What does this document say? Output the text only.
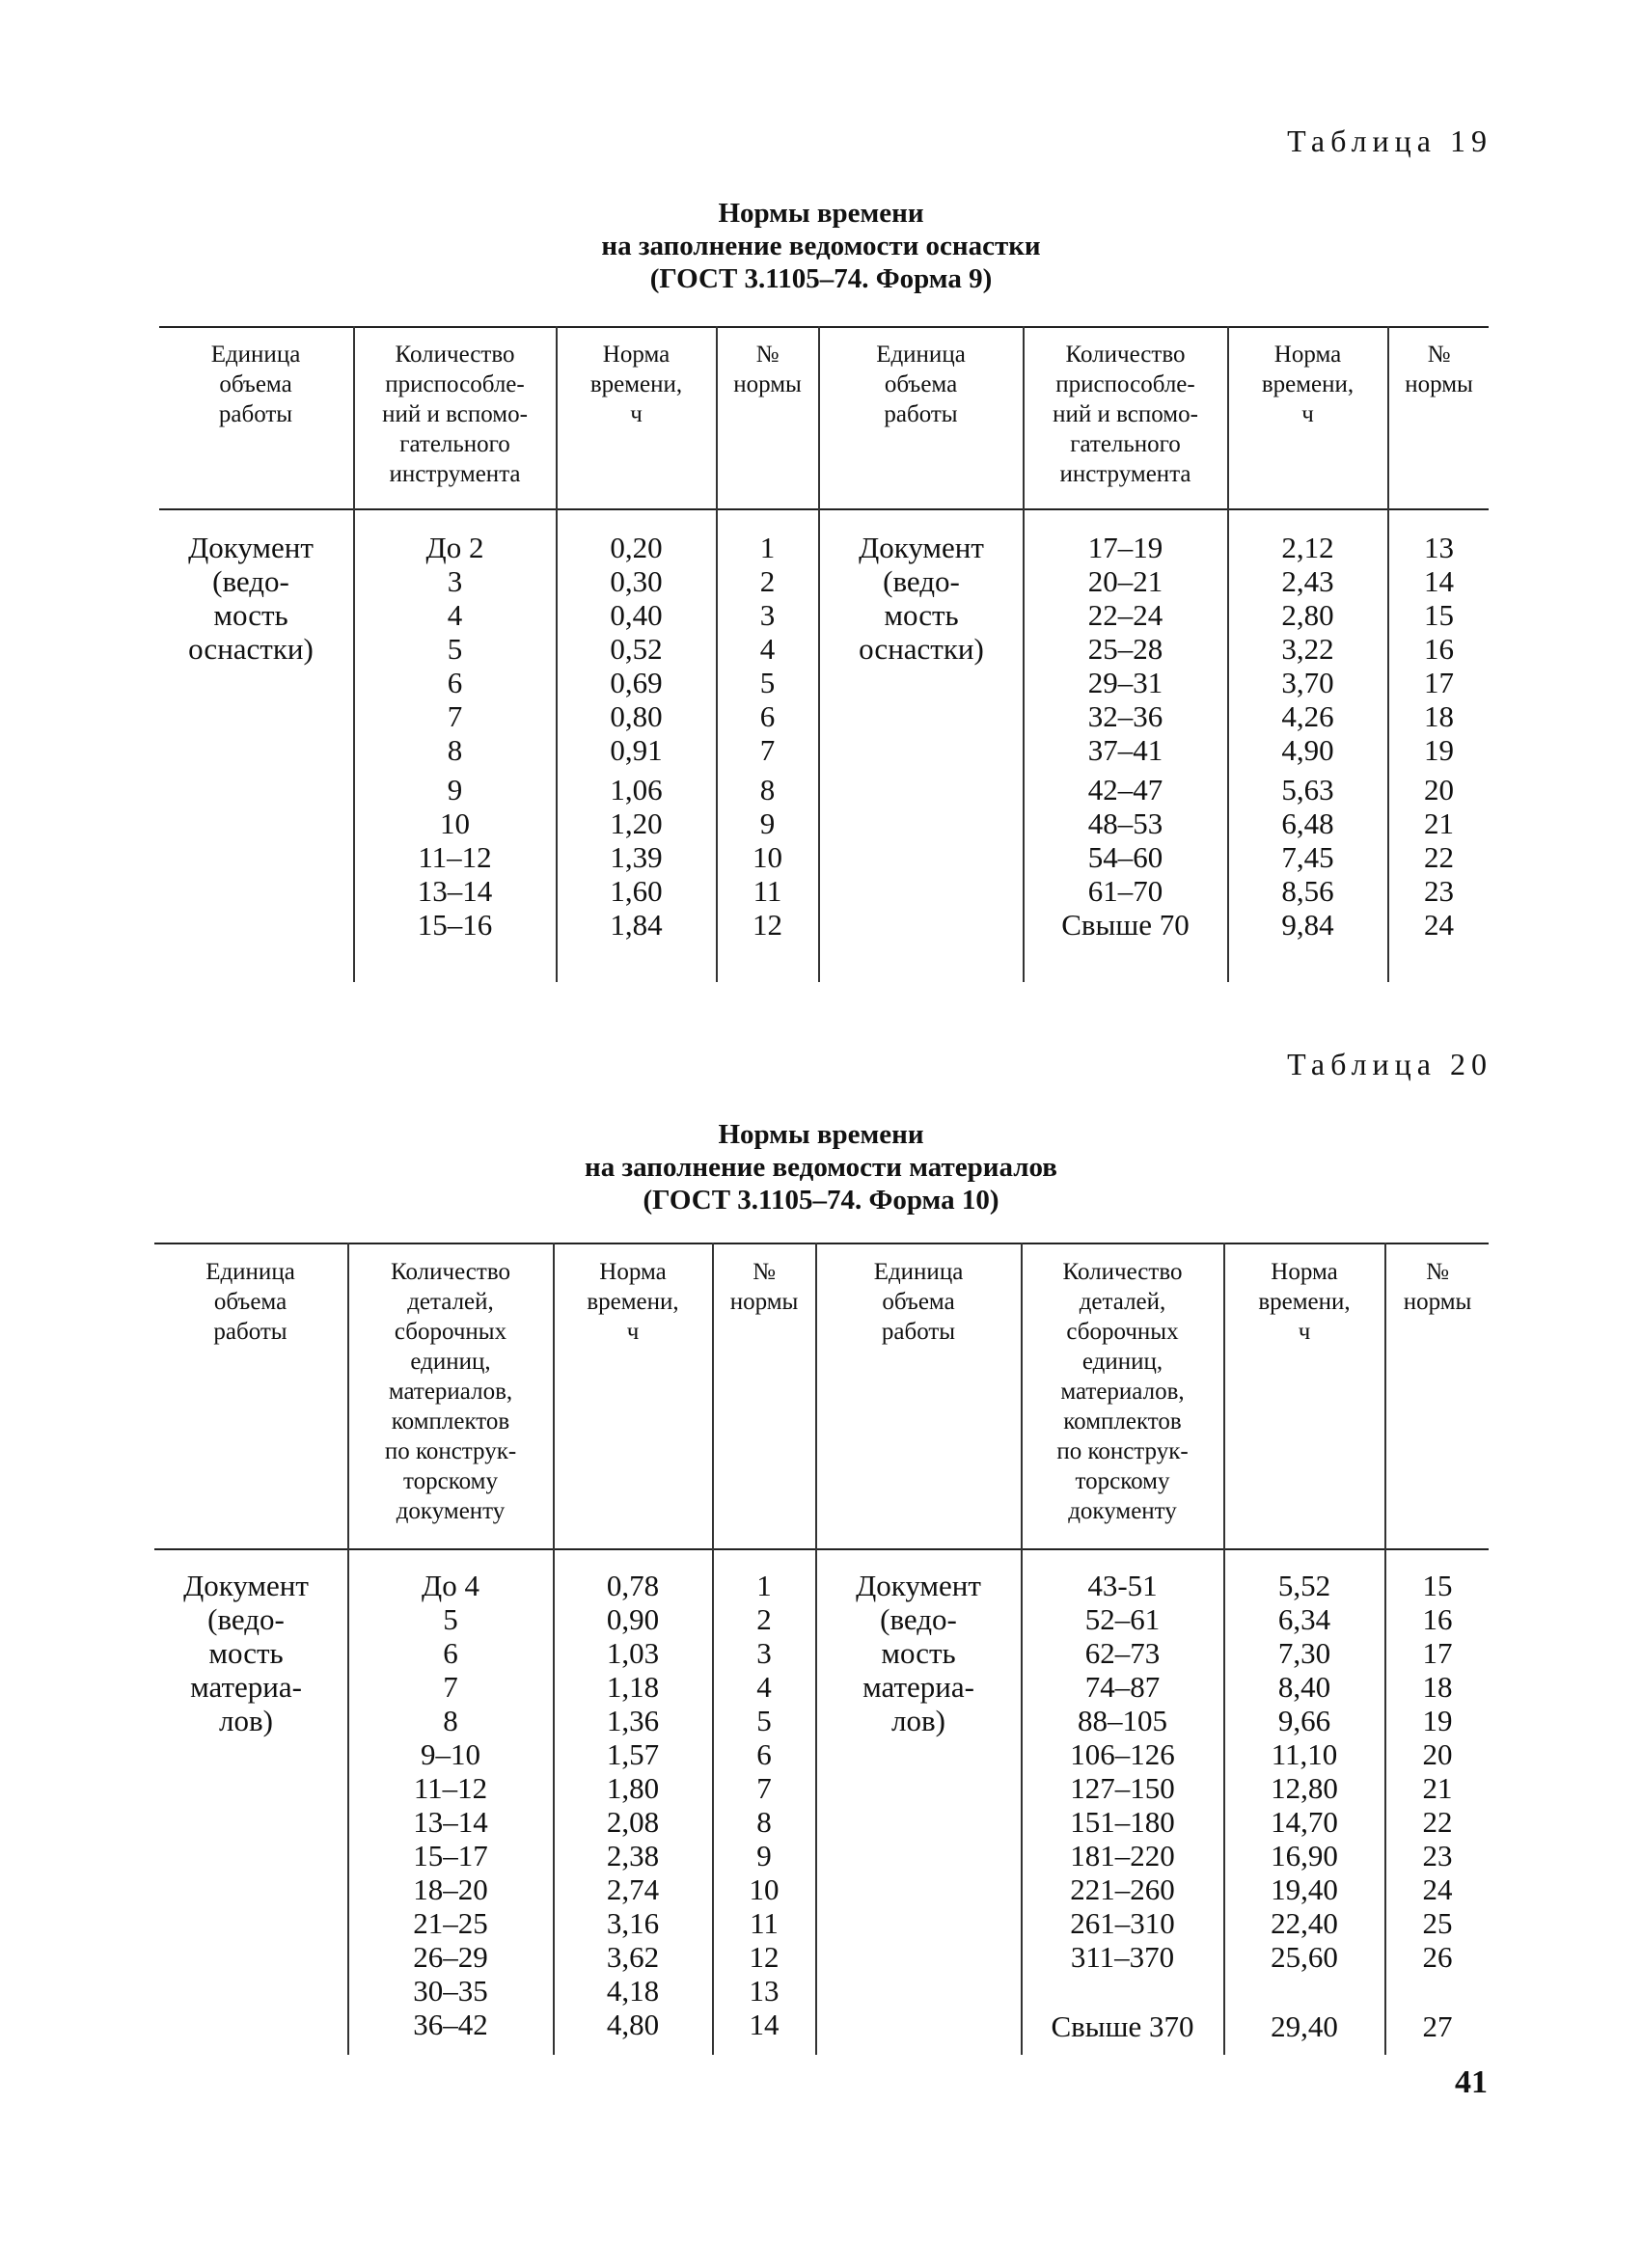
Таблица 19
Нормы времени
на заполнение ведомости оснастки
(ГОСТ 3.1105–74. Форма 9)
Единица
объема
работы
Количество
приспособле-
ний и вспомо-
гательного
инструмента
Норма
времени,
ч
№
нормы
Единица
объема
работы
Количество
приспособле-
ний и вспомо-
гательного
инструмента
Норма
времени,
ч
№
нормы
Документ
(ведо-
мость
оснастки)
До 2
3
4
5
6
7
8
0,20
0,30
0,40
0,52
0,69
0,80
0,91
1
2
3
4
5
6
7
9
10
11–12
13–14
15–16
1,06
1,20
1,39
1,60
1,84
8
9
10
11
12
Документ
(ведо-
мость
оснастки)
17–19
20–21
22–24
25–28
29–31
32–36
37–41
2,12
2,43
2,80
3,22
3,70
4,26
4,90
13
14
15
16
17
18
19
42–47
48–53
54–60
61–70
Свыше 70
5,63
6,48
7,45
8,56
9,84
20
21
22
23
24
Таблица 20
Нормы времени
на заполнение ведомости материалов
(ГОСТ 3.1105–74. Форма 10)
Единица
объема
работы
Количество
деталей,
сборочных
единиц,
материалов,
комплектов
по конструк-
торскому
документу
Норма
времени,
ч
№
нормы
Единица
объема
работы
Количество
деталей,
сборочных
единиц,
материалов,
комплектов
по конструк-
торскому
документу
Норма
времени,
ч
№
нормы
Документ
(ведо-
мость
материа-
лов)
До 4
5
6
7
8
9–10
11–12
13–14
15–17
18–20
21–25
26–29
30–35
36–42
0,78
0,90
1,03
1,18
1,36
1,57
1,80
2,08
2,38
2,74
3,16
3,62
4,18
4,80
1
2
3
4
5
6
7
8
9
10
11
12
13
14
Документ
(ведо-
мость
материа-
лов)
43-51
52–61
62–73
74–87
88–105
106–126
127–150
151–180
181–220
221–260
261–310
311–370
5,52
6,34
7,30
8,40
9,66
11,10
12,80
14,70
16,90
19,40
22,40
25,60
15
16
17
18
19
20
21
22
23
24
25
26
Свыше 370	29,40	27
41
